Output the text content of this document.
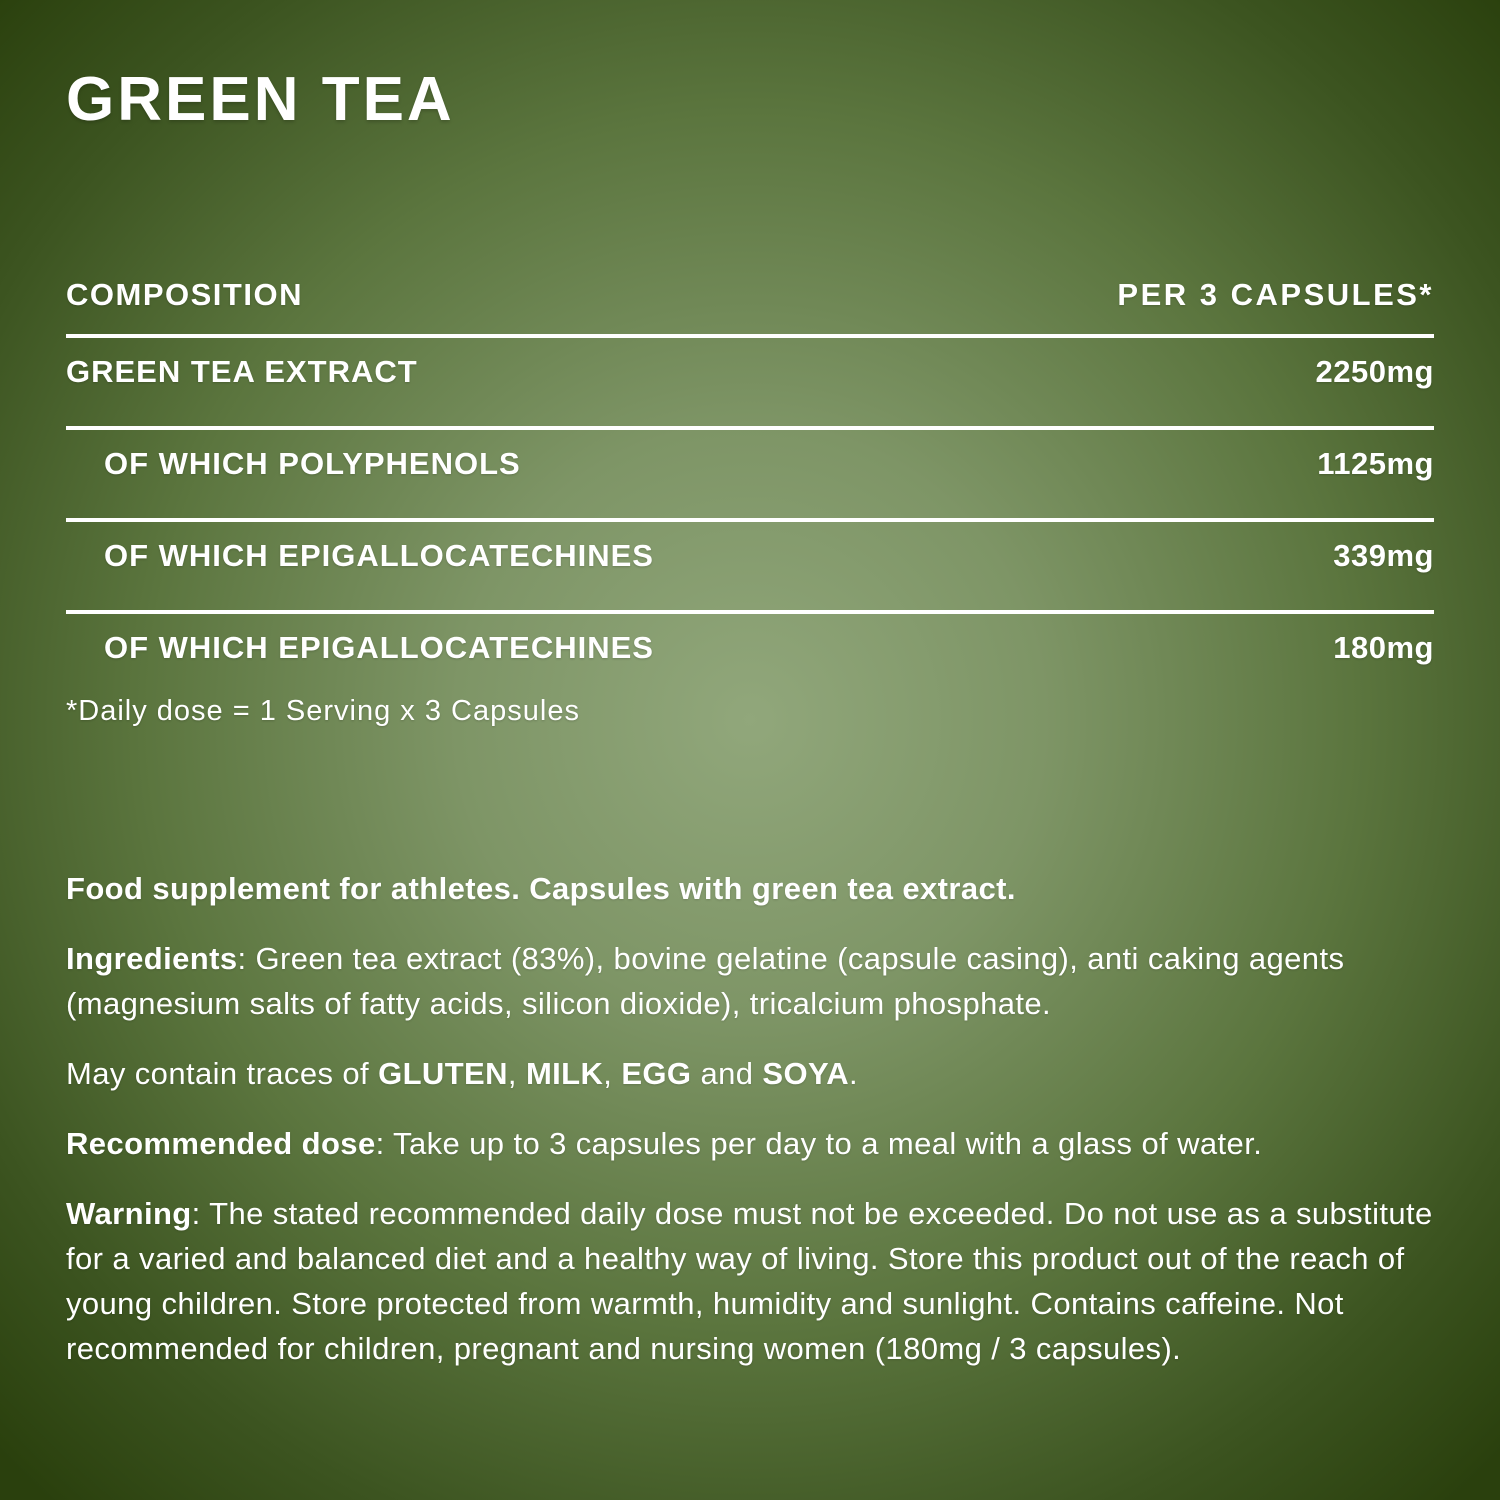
GREEN TEA
COMPOSITION	PER 3 CAPSULES*
GREEN TEA EXTRACT	2250mg
OF WHICH POLYPHENOLS	1125mg
OF WHICH EPIGALLOCATECHINES	339mg
OF WHICH EPIGALLOCATECHINES	180mg
*Daily dose = 1 Serving x 3 Capsules

Food supplement for athletes. Capsules with green tea extract.

Ingredients: Green tea extract (83%), bovine gelatine (capsule casing), anti caking agents (magnesium salts of fatty acids, silicon dioxide), tricalcium phosphate.

May contain traces of GLUTEN, MILK, EGG and SOYA.

Recommended dose: Take up to 3 capsules per day to a meal with a glass of water.

Warning: The stated recommended daily dose must not be exceeded. Do not use as a substitute for a varied and balanced diet and a healthy way of living. Store this product out of the reach of young children. Store protected from warmth, humidity and sunlight. Contains caffeine. Not recommended for children, pregnant and nursing women (180mg / 3 capsules).
